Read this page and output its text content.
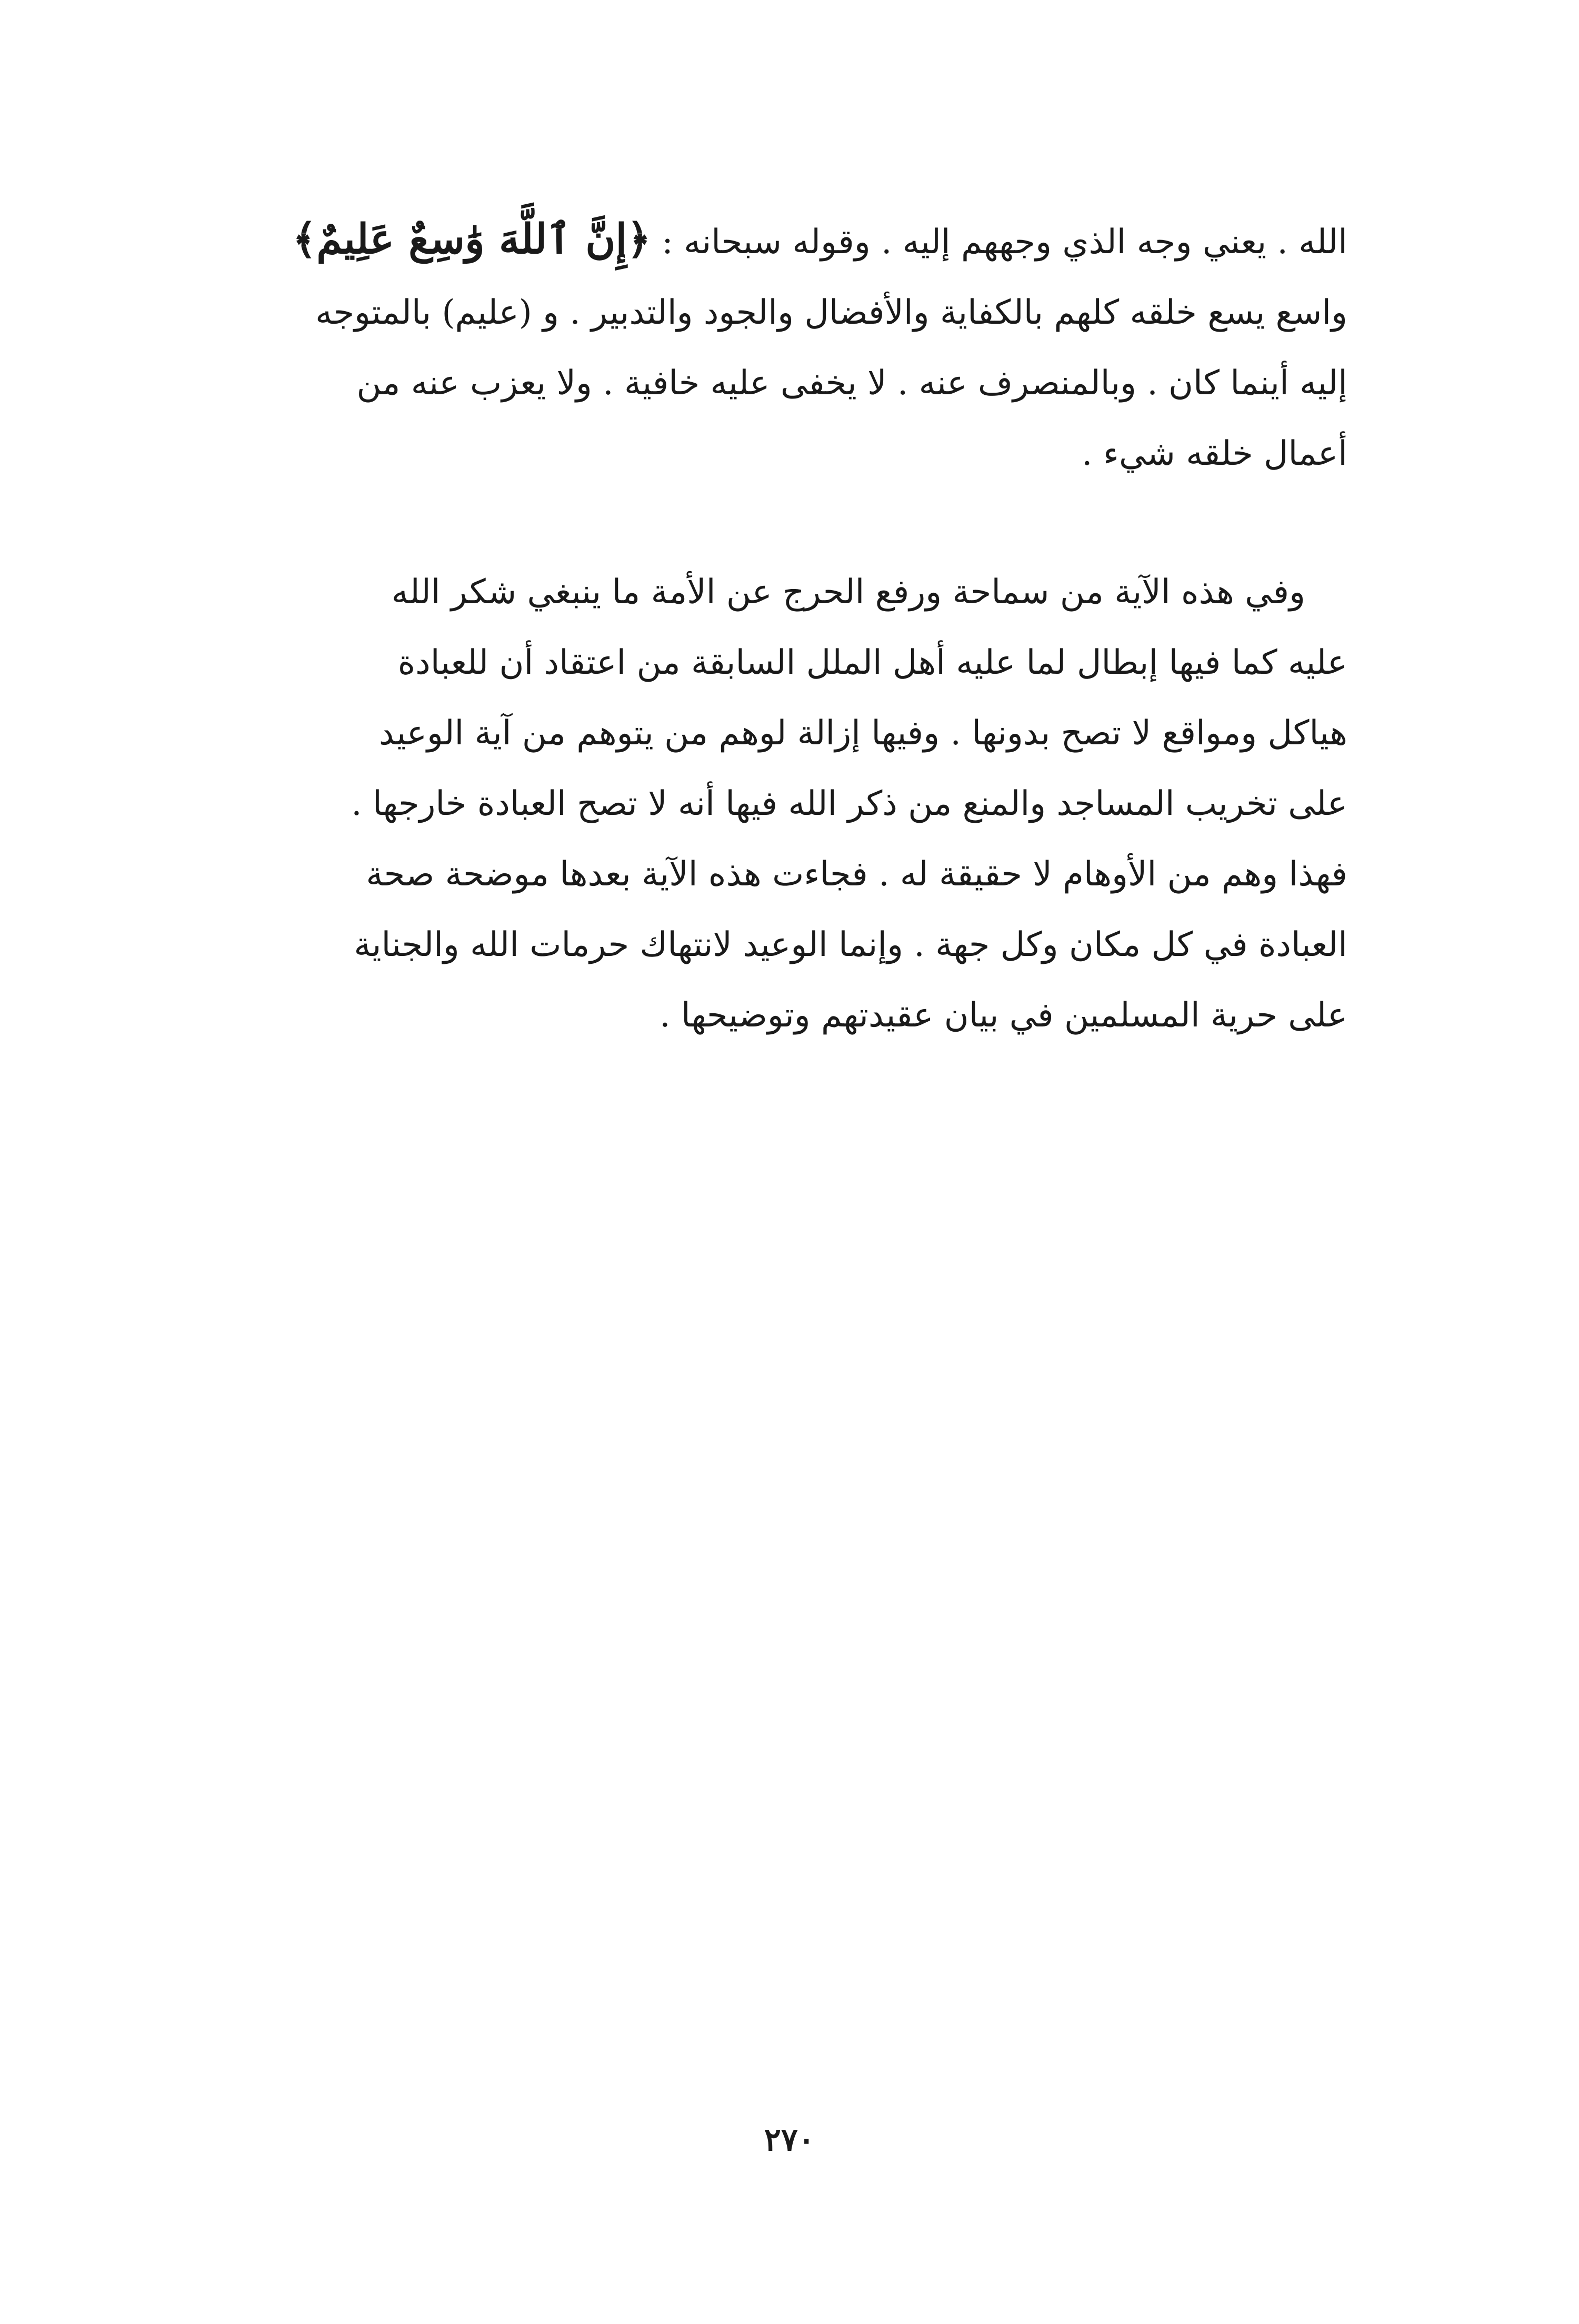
الله . يعني وجه الذي وجههم إليه . وقوله سبحانه : ﴿إِنَّ ٱللَّهَ وَٰسِعٌ عَلِيمٌ﴾
واسع يسع خلقه كلهم بالكفاية والأفضال والجود والتدبير . و (عليم) بالمتوجه
إليه أينما كان . وبالمنصرف عنه . لا يخفى عليه خافية . ولا يعزب عنه من
أعمال خلقه شيء .
وفي هذه الآية من سماحة ورفع الحرج عن الأمة ما ينبغي شكر الله
عليه كما فيها إبطال لما عليه أهل الملل السابقة من اعتقاد أن للعبادة
هياكل ومواقع لا تصح بدونها . وفيها إزالة لوهم من يتوهم من آية الوعيد
على تخريب المساجد والمنع من ذكر الله فيها أنه لا تصح العبادة خارجها .
فهذا وهم من الأوهام لا حقيقة له . فجاءت هذه الآية بعدها موضحة صحة
العبادة في كل مكان وكل جهة . وإنما الوعيد لانتهاك حرمات الله والجناية
على حرية المسلمين في بيان عقيدتهم وتوضيحها .
٢٧٠
